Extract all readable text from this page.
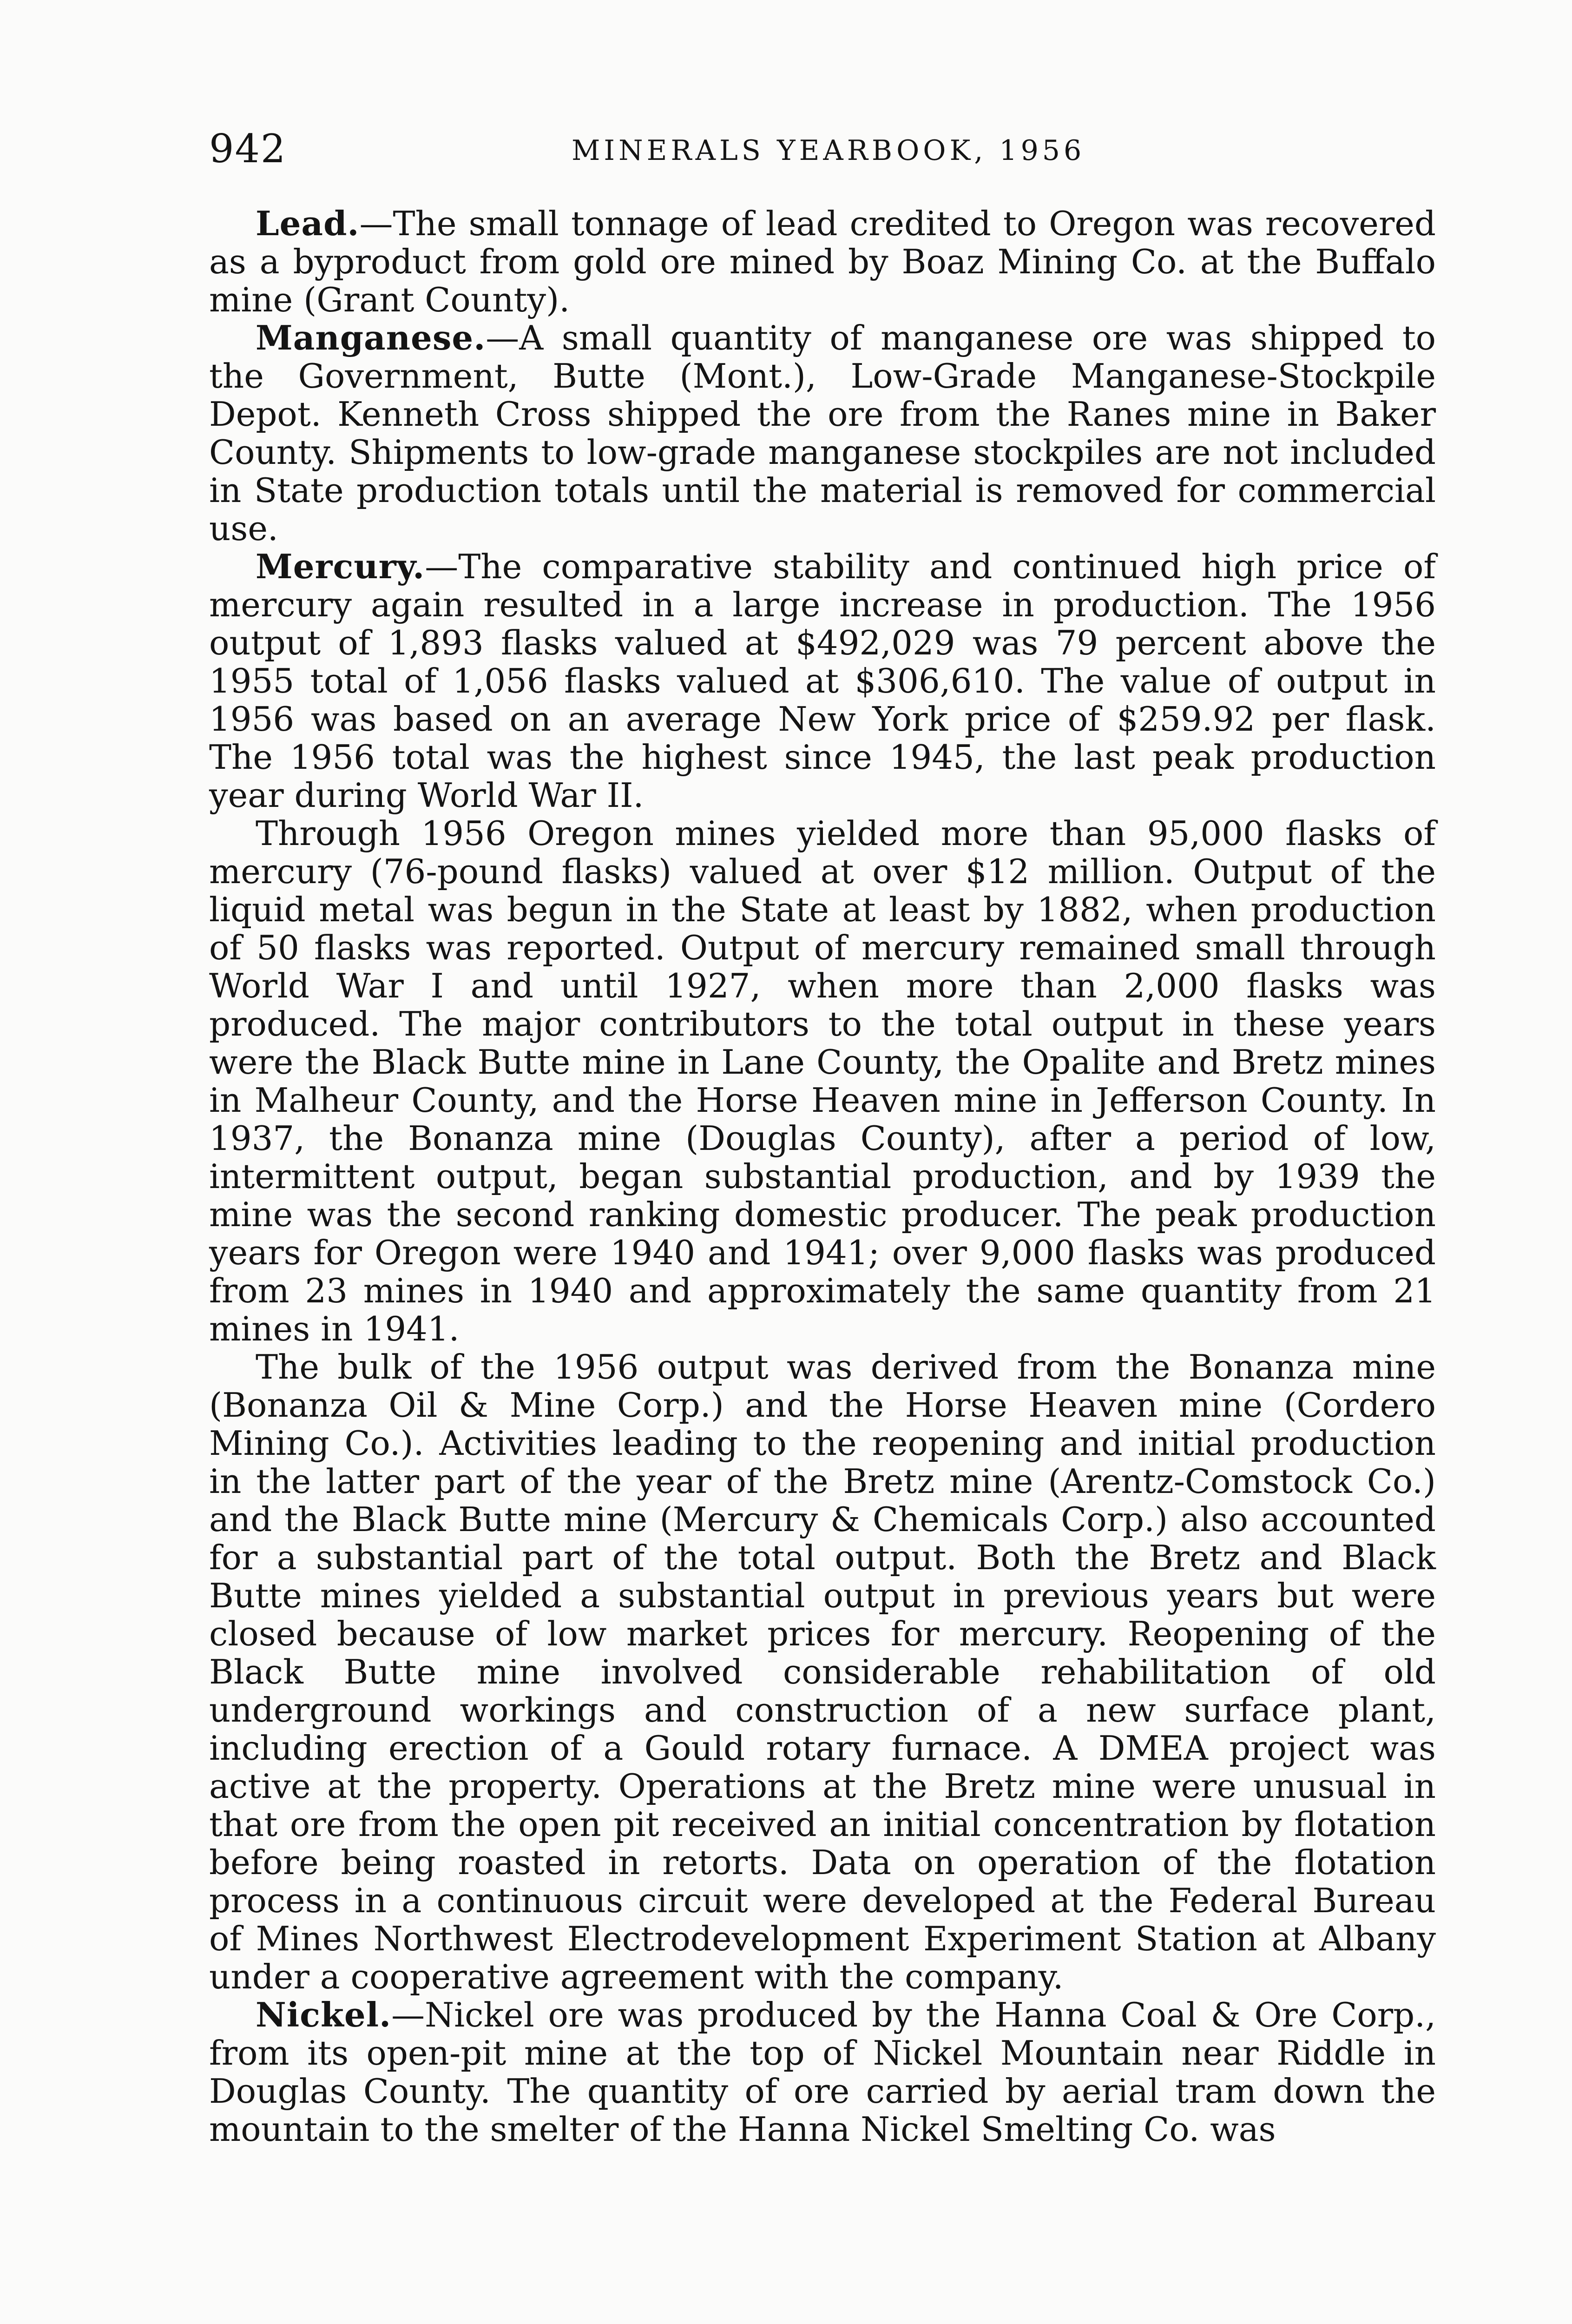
942	MINERALS YEARBOOK, 1956

Lead.—The small tonnage of lead credited to Oregon was recovered as a byproduct from gold ore mined by Boaz Mining Co. at the Buffalo mine (Grant County).

Manganese.—A small quantity of manganese ore was shipped to the Government, Butte (Mont.), Low-Grade Manganese-Stockpile Depot. Kenneth Cross shipped the ore from the Ranes mine in Baker County. Shipments to low-grade manganese stockpiles are not included in State production totals until the material is removed for commercial use.

Mercury.—The comparative stability and continued high price of mercury again resulted in a large increase in production. The 1956 output of 1,893 flasks valued at $492,029 was 79 percent above the 1955 total of 1,056 flasks valued at $306,610. The value of output in 1956 was based on an average New York price of $259.92 per flask. The 1956 total was the highest since 1945, the last peak production year during World War II.

Through 1956 Oregon mines yielded more than 95,000 flasks of mercury (76-pound flasks) valued at over $12 million. Output of the liquid metal was begun in the State at least by 1882, when production of 50 flasks was reported. Output of mercury remained small through World War I and until 1927, when more than 2,000 flasks was produced. The major contributors to the total output in these years were the Black Butte mine in Lane County, the Opalite and Bretz mines in Malheur County, and the Horse Heaven mine in Jefferson County. In 1937, the Bonanza mine (Douglas County), after a period of low, intermittent output, began substantial production, and by 1939 the mine was the second ranking domestic producer. The peak production years for Oregon were 1940 and 1941; over 9,000 flasks was produced from 23 mines in 1940 and approximately the same quantity from 21 mines in 1941.

The bulk of the 1956 output was derived from the Bonanza mine (Bonanza Oil & Mine Corp.) and the Horse Heaven mine (Cordero Mining Co.). Activities leading to the reopening and initial production in the latter part of the year of the Bretz mine (Arentz-Comstock Co.) and the Black Butte mine (Mercury & Chemicals Corp.) also accounted for a substantial part of the total output. Both the Bretz and Black Butte mines yielded a substantial output in previous years but were closed because of low market prices for mercury. Reopening of the Black Butte mine involved considerable rehabilitation of old underground workings and construction of a new surface plant, including erection of a Gould rotary furnace. A DMEA project was active at the property. Operations at the Bretz mine were unusual in that ore from the open pit received an initial concentration by flotation before being roasted in retorts. Data on operation of the flotation process in a continuous circuit were developed at the Federal Bureau of Mines Northwest Electrodevelopment Experiment Station at Albany under a cooperative agreement with the company.

Nickel.—Nickel ore was produced by the Hanna Coal & Ore Corp., from its open-pit mine at the top of Nickel Mountain near Riddle in Douglas County. The quantity of ore carried by aerial tram down the mountain to the smelter of the Hanna Nickel Smelting Co. was
